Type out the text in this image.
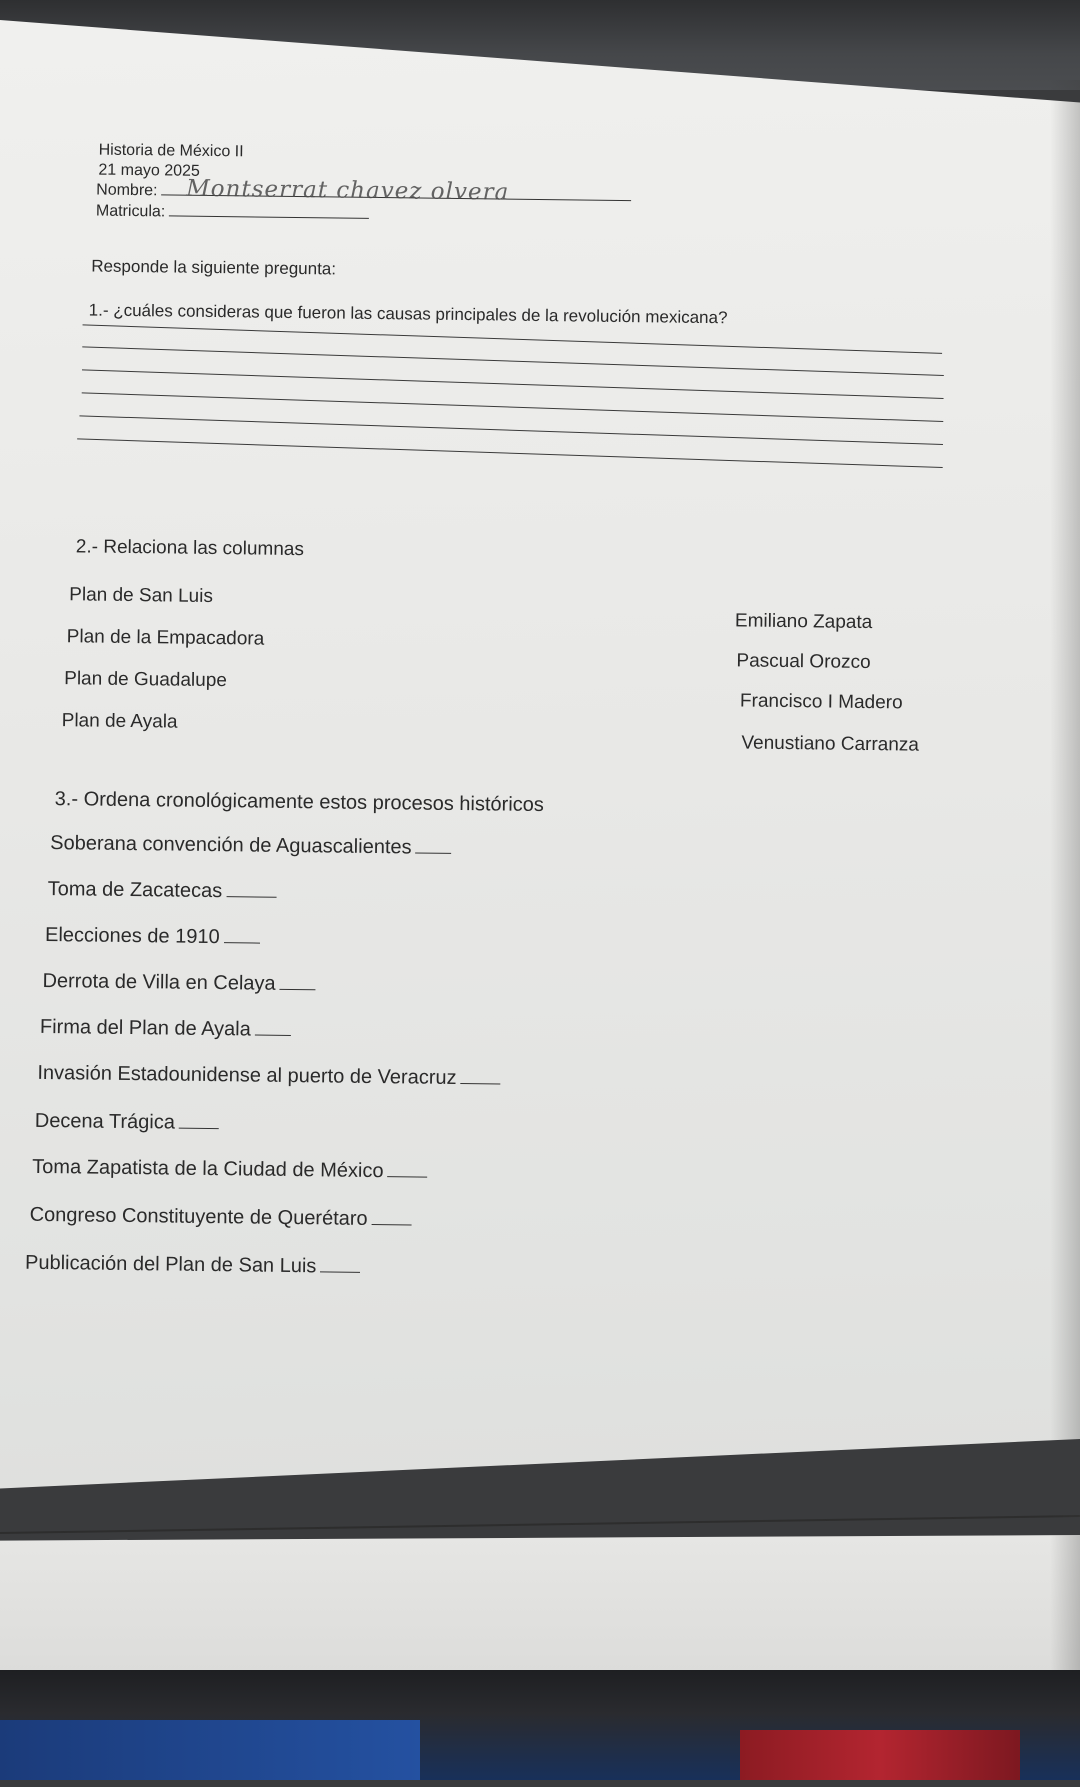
Historia de México II
21 mayo 2025
Nombre:	Montserrat chavez olvera
Matricula:
Responde la siguiente pregunta:
1.- ¿cuáles consideras que fueron las causas principales de la revolución mexicana?
2.- Relaciona las columnas
Plan de San Luis
Plan de la Empacadora
Plan de Guadalupe
Plan de Ayala
Emiliano Zapata
Pascual Orozco
Francisco I Madero
Venustiano Carranza
3.- Ordena cronológicamente estos procesos históricos
Soberana convención de Aguascalientes
Toma de Zacatecas
Elecciones de 1910
Derrota de Villa en Celaya
Firma del Plan de Ayala
Invasión Estadounidense al puerto de Veracruz
Decena Trágica
Toma Zapatista de la Ciudad de México
Congreso Constituyente de Querétaro
Publicación del Plan de San Luis
